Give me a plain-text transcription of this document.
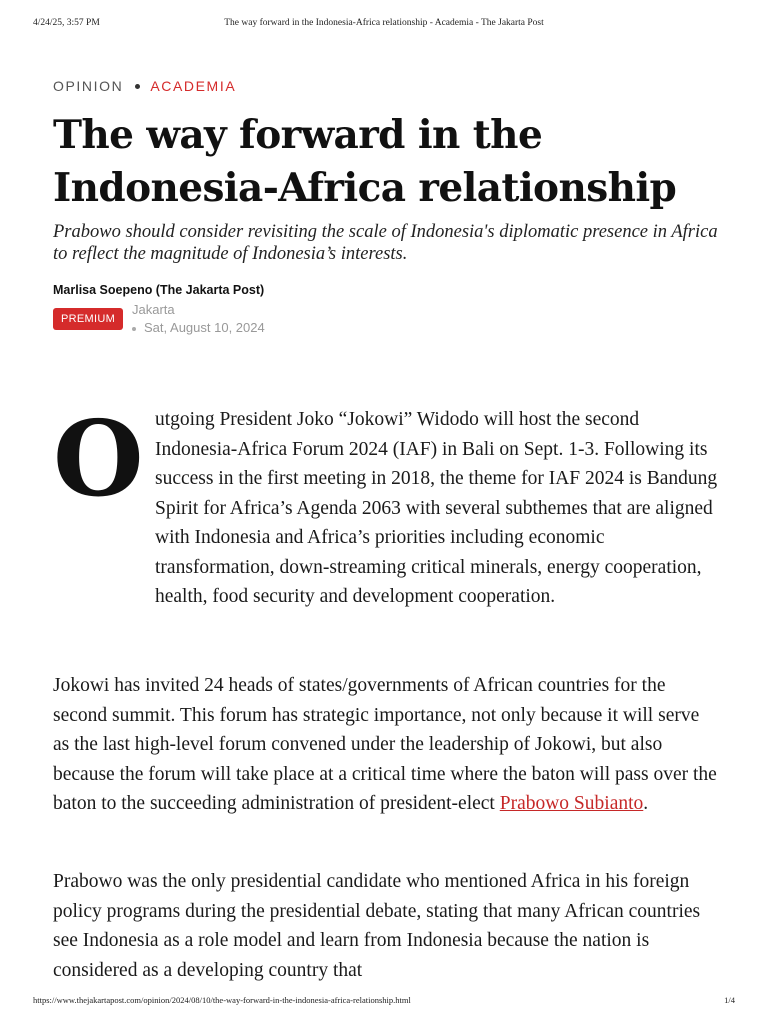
4/24/25, 3:57 PM	The way forward in the Indonesia-Africa relationship - Academia - The Jakarta Post
OPINION ACADEMIA
The way forward in the Indonesia-Africa relationship

Prabowo should consider revisiting the scale of Indonesia's diplomatic presence in Africa to reflect the magnitude of Indonesia’s interests.

Marlisa Soepeno (The Jakarta Post)
PREMIUM
Jakarta
Sat, August 10, 2024
O utgoing President Joko “Jokowi” Widodo will host the second Indonesia-Africa Forum 2024 (IAF) in Bali on Sept. 1-3. Following its success in the first meeting in 2018, the theme for IAF 2024 is Bandung Spirit for Africa’s Agenda 2063 with several subthemes that are aligned with Indonesia and Africa’s priorities including economic transformation, down-streaming critical minerals, energy cooperation, health, food security and development cooperation.

Jokowi has invited 24 heads of states/governments of African countries for the second summit. This forum has strategic importance, not only because it will serve as the last high-level forum convened under the leadership of Jokowi, but also because the forum will take place at a critical time where the baton will pass over the baton to the succeeding administration of president-elect Prabowo Subianto.

Prabowo was the only presidential candidate who mentioned Africa in his foreign policy programs during the presidential debate, stating that many African countries see Indonesia as a role model and learn from Indonesia because the nation is considered as a developing country that

https://www.thejakartapost.com/opinion/2024/08/10/the-way-forward-in-the-indonesia-africa-relationship.html	1/4
